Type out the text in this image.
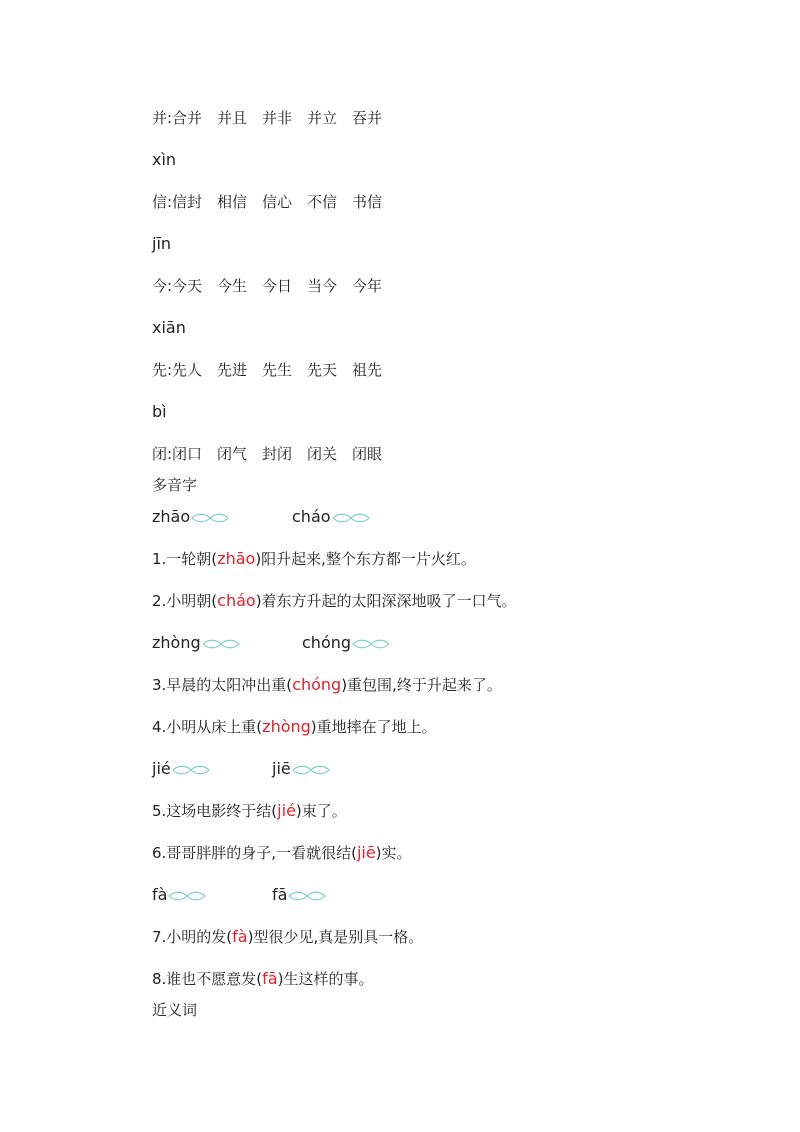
并:合并　并且　并非　并立　吞并
xìn
信:信封　相信　信心　不信　书信
jīn
今:今天　今生　今日　当今　今年
xiān
先:先人　先进　先生　先天　祖先
bì
闭:闭口　闭气　封闭　闭关　闭眼
多音字
zhāo	cháo
1.一轮朝(zhāo)阳升起来,整个东方都一片火红。
2.小明朝(cháo)着东方升起的太阳深深地吸了一口气。
zhòng	chóng
3.早晨的太阳冲出重(chóng)重包围,终于升起来了。
4.小明从床上重(zhòng)重地摔在了地上。
jié	jiē
5.这场电影终于结(jié)束了。
6.哥哥胖胖的身子,一看就很结(jiē)实。
fà	fā
7.小明的发(fà)型很少见,真是别具一格。
8.谁也不愿意发(fā)生这样的事。
近义词
